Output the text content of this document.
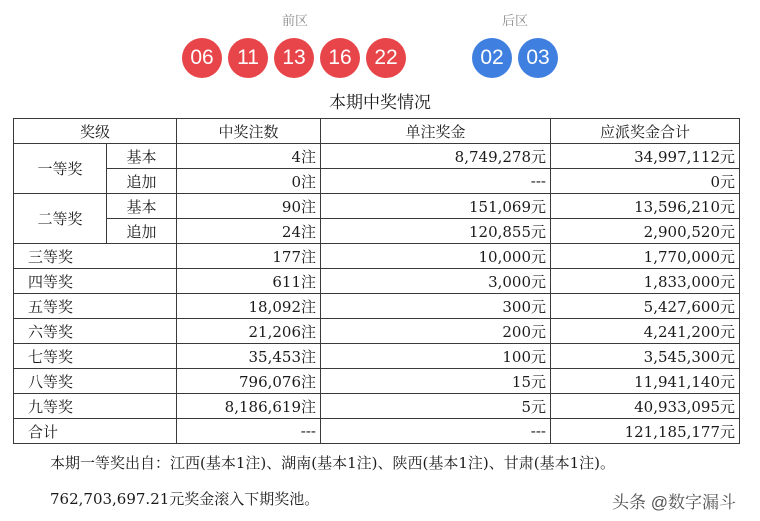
前区	后区
06	11	13	16	22	02	03
本期中奖情况
奖级		中奖注数	单注奖金	应派奖金合计
一等奖	基本	4注	8,749,278元	34,997,112元
	追加	0注	---	0元
二等奖	基本	90注	151,069元	13,596,210元
	追加	24注	120,855元	2,900,520元
三等奖		177注	10,000元	1,770,000元
四等奖		611注	3,000元	1,833,000元
五等奖		18,092注	300元	5,427,600元
六等奖		21,206注	200元	4,241,200元
七等奖		35,453注	100元	3,545,300元
八等奖		796,076注	15元	11,941,140元
九等奖		8,186,619注	5元	40,933,095元
合计		---	---	121,185,177元
本期一等奖出自：江西(基本1注)、湖南(基本1注)、陕西(基本1注)、甘肃(基本1注)。
762,703,697.21元奖金滚入下期奖池。	头条 @数字漏斗
